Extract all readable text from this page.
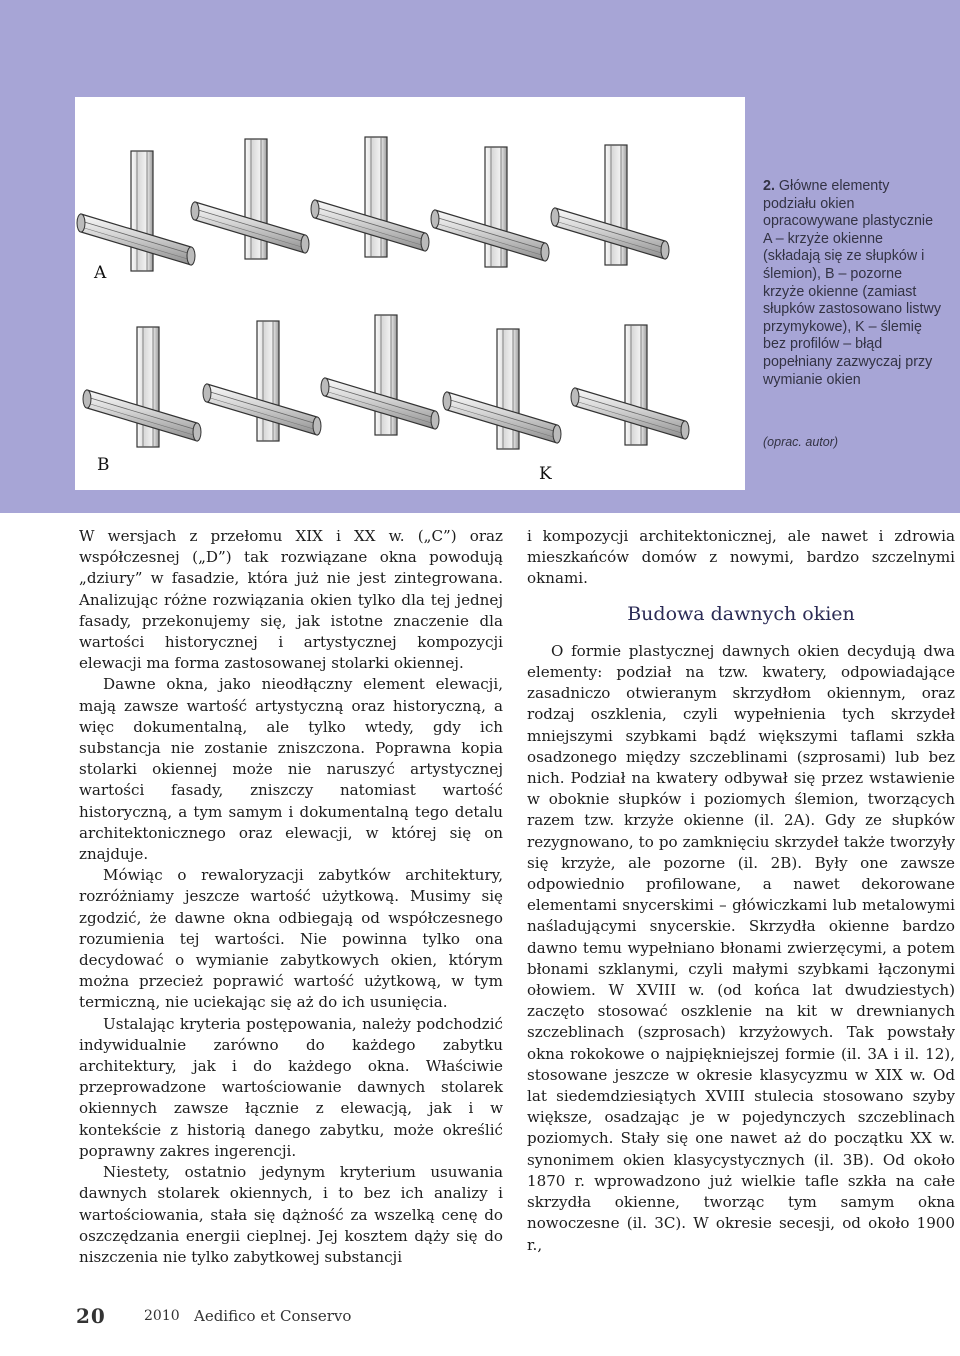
A
B	K
2. Główne elementy podziału okien opracowywane plastycznie A – krzyże okienne (składają się ze słupków i ślemion), B – pozorne krzyże okienne (zamiast słupków zastosowano listwy przymykowe), K – ślemię bez profilów – błąd popełniany zazwyczaj przy wymianie okien
(oprac. autor)

W wersjach z przełomu XIX i XX w. („C”) oraz współczesnej („D”) tak rozwiązane okna powodują „dziury” w fasadzie, która już nie jest zintegrowana. Analizując różne rozwiązania okien tylko dla tej jednej fasady, przekonujemy się, jak istotne znaczenie dla wartości historycznej i artystycznej kompozycji elewacji ma forma zastosowanej stolarki okiennej.

Dawne okna, jako nieodłączny element elewacji, mają zawsze wartość artystyczną oraz historyczną, a więc dokumentalną, ale tylko wtedy, gdy ich substancja nie zostanie zniszczona. Poprawna kopia stolarki okiennej może nie naruszyć artystycznej wartości fasady, zniszczy natomiast wartość historyczną, a tym samym i dokumentalną tego detalu architektonicznego oraz elewacji, w której się on znajduje.

Mówiąc o rewaloryzacji zabytków architektury, rozróżniamy jeszcze wartość użytkową. Musimy się zgodzić, że dawne okna odbiegają od współczesnego rozumienia tej wartości. Nie powinna tylko ona decydować o wymianie zabytkowych okien, którym można przecież poprawić wartość użytkową, w tym termiczną, nie uciekając się aż do ich usunięcia.

Ustalając kryteria postępowania, należy podchodzić indywidualnie zarówno do każdego zabytku architektury, jak i do każdego okna. Właściwie przeprowadzone wartościowanie dawnych stolarek okiennych zawsze łącznie z elewacją, jak i w kontekście z historią danego zabytku, może określić poprawny zakres ingerencji.

Niestety, ostatnio jedynym kryterium usuwania dawnych stolarek okiennych, i to bez ich analizy i wartościowania, stała się dążność za wszelką cenę do oszczędzania energii cieplnej. Jej kosztem dąży się do niszczenia nie tylko zabytkowej substancji

i kompozycji architektonicznej, ale nawet i zdrowia mieszkańców domów z nowymi, bardzo szczelnymi oknami.

Budowa dawnych okien

O formie plastycznej dawnych okien decydują dwa elementy: podział na tzw. kwatery, odpowiadające zasadniczo otwieranym skrzydłom okiennym, oraz rodzaj oszklenia, czyli wypełnienia tych skrzydeł mniejszymi szybkami bądź większymi taflami szkła osadzonego między szczeblinami (szprosami) lub bez nich. Podział na kwatery odbywał się przez wstawienie w obokniе słupków i poziomych ślemion, tworzących razem tzw. krzyże okienne (il. 2A). Gdy ze słupków rezygnowano, to po zamknięciu skrzydeł także tworzyły się krzyże, ale pozorne (il. 2B). Były one zawsze odpowiednio profilowane, a nawet dekorowane elementami snycerskimi – główiczkami lub metalowymi naśladującymi snycerskie. Skrzydła okienne bardzo dawno temu wypełniano błonami zwierzęcymi, a potem błonami szklanymi, czyli małymi szybkami łączonymi ołowiem. W XVIII w. (od końca lat dwudziestych) zaczęto stosować oszklenie na kit w drewnianych szczeblinach (szprosach) krzyżowych. Tak powstały okna rokokowe o najpiękniejszej formie (il. 3A i il. 12), stosowane jeszcze w okresie klasycyzmu w XIX w. Od lat siedemdziesiątych XVIII stulecia stosowano szyby większe, osadzając je w pojedynczych szczeblinach poziomych. Stały się one nawet aż do początku XX w. synonimem okien klasycystycznych (il. 3B). Od około 1870 r. wprowadzono już wielkie tafle szkła na całe skrzydła okienne, tworząc tym samym okna nowoczesne (il. 3C). W okresie secesji, od około 1900 r.,

20	2010 Aedifico et Conservo
